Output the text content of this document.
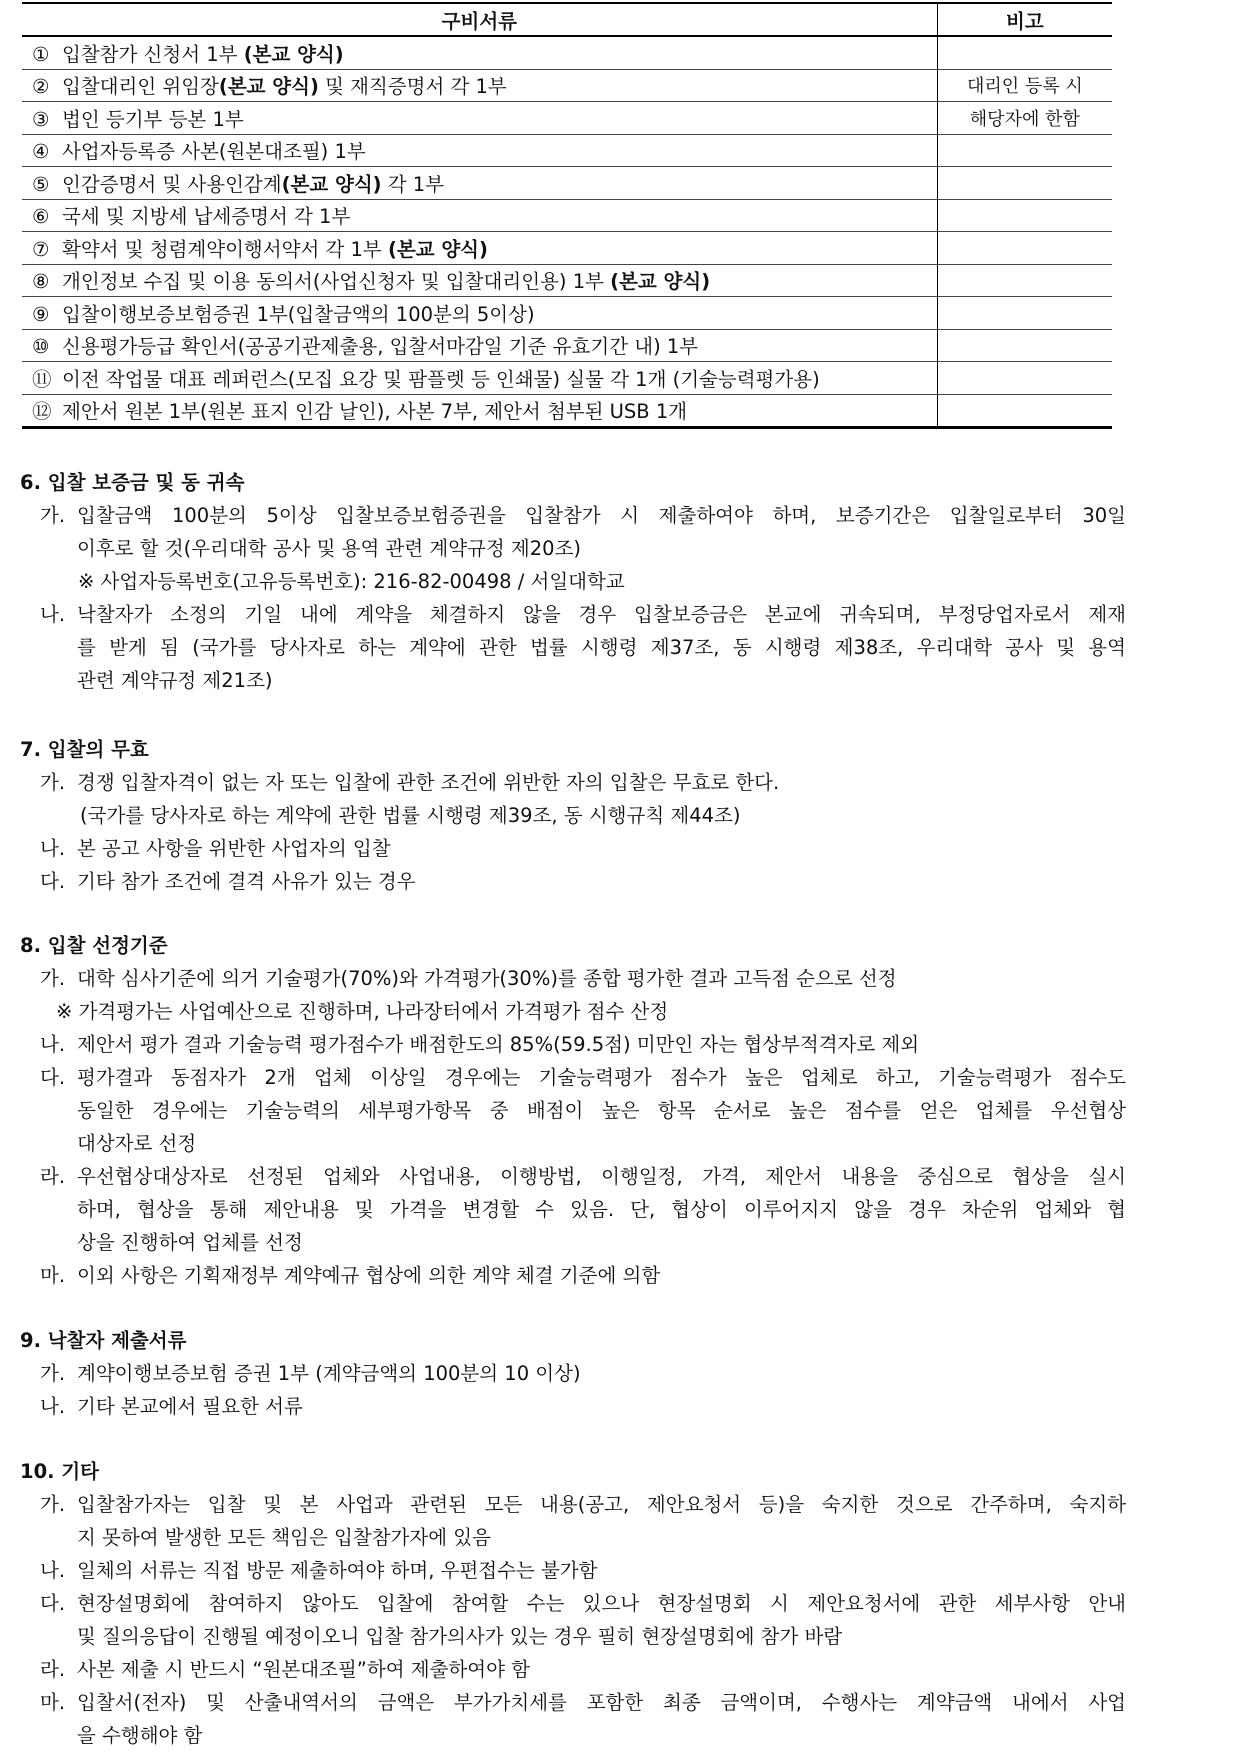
구비서류	비고
① 입찰참가 신청서 1부 (본교 양식)	
② 입찰대리인 위임장(본교 양식) 및 재직증명서 각 1부	대리인 등록 시
③ 법인 등기부 등본 1부	해당자에 한함
④ 사업자등록증 사본(원본대조필) 1부	
⑤ 인감증명서 및 사용인감계(본교 양식) 각 1부	
⑥ 국세 및 지방세 납세증명서 각 1부	
⑦ 확약서 및 청렴계약이행서약서 각 1부 (본교 양식)	
⑧ 개인정보 수집 및 이용 동의서(사업신청자 및 입찰대리인용) 1부 (본교 양식)	
⑨ 입찰이행보증보험증권 1부(입찰금액의 100분의 5이상)	
⑩ 신용평가등급 확인서(공공기관제출용, 입찰서마감일 기준 유효기간 내) 1부	
⑪ 이전 작업물 대표 레퍼런스(모집 요강 및 팜플렛 등 인쇄물) 실물 각 1개 (기술능력평가용)	
⑫ 제안서 원본 1부(원본 표지 인감 날인), 사본 7부, 제안서 첨부된 USB 1개	
6. 입찰 보증금 및 동 귀속
가. 입찰금액 100분의 5이상 입찰보증보험증권을 입찰참가 시 제출하여야 하며, 보증기간은 입찰일로부터 30일
이후로 할 것(우리대학 공사 및 용역 관련 계약규정 제20조)
※ 사업자등록번호(고유등록번호): 216-82-00498 / 서일대학교
나. 낙찰자가 소정의 기일 내에 계약을 체결하지 않을 경우 입찰보증금은 본교에 귀속되며, 부정당업자로서 제재
를 받게 됨 (국가를 당사자로 하는 계약에 관한 법률 시행령 제37조, 동 시행령 제38조, 우리대학 공사 및 용역
관련 계약규정 제21조)
7. 입찰의 무효
가. 경쟁 입찰자격이 없는 자 또는 입찰에 관한 조건에 위반한 자의 입찰은 무효로 한다.
(국가를 당사자로 하는 계약에 관한 법률 시행령 제39조, 동 시행규칙 제44조)
나. 본 공고 사항을 위반한 사업자의 입찰
다. 기타 참가 조건에 결격 사유가 있는 경우
8. 입찰 선정기준
가. 대학 심사기준에 의거 기술평가(70%)와 가격평가(30%)를 종합 평가한 결과 고득점 순으로 선정
※ 가격평가는 사업예산으로 진행하며, 나라장터에서 가격평가 점수 산정
나. 제안서 평가 결과 기술능력 평가점수가 배점한도의 85%(59.5점) 미만인 자는 협상부적격자로 제외
다. 평가결과 동점자가 2개 업체 이상일 경우에는 기술능력평가 점수가 높은 업체로 하고, 기술능력평가 점수도
동일한 경우에는 기술능력의 세부평가항목 중 배점이 높은 항목 순서로 높은 점수를 얻은 업체를 우선협상
대상자로 선정
라. 우선협상대상자로 선정된 업체와 사업내용, 이행방법, 이행일정, 가격, 제안서 내용을 중심으로 협상을 실시
하며, 협상을 통해 제안내용 및 가격을 변경할 수 있음. 단, 협상이 이루어지지 않을 경우 차순위 업체와 협
상을 진행하여 업체를 선정
마. 이외 사항은 기획재정부 계약예규 협상에 의한 계약 체결 기준에 의함
9. 낙찰자 제출서류
가. 계약이행보증보험 증권 1부 (계약금액의 100분의 10 이상)
나. 기타 본교에서 필요한 서류
10. 기타
가. 입찰참가자는 입찰 및 본 사업과 관련된 모든 내용(공고, 제안요청서 등)을 숙지한 것으로 간주하며, 숙지하
지 못하여 발생한 모든 책임은 입찰참가자에 있음
나. 일체의 서류는 직접 방문 제출하여야 하며, 우편접수는 불가함
다. 현장설명회에 참여하지 않아도 입찰에 참여할 수는 있으나 현장설명회 시 제안요청서에 관한 세부사항 안내
및 질의응답이 진행될 예정이오니 입찰 참가의사가 있는 경우 필히 현장설명회에 참가 바람
라. 사본 제출 시 반드시 “원본대조필”하여 제출하여야 함
마. 입찰서(전자) 및 산출내역서의 금액은 부가가치세를 포함한 최종 금액이며, 수행사는 계약금액 내에서 사업
을 수행해야 함
